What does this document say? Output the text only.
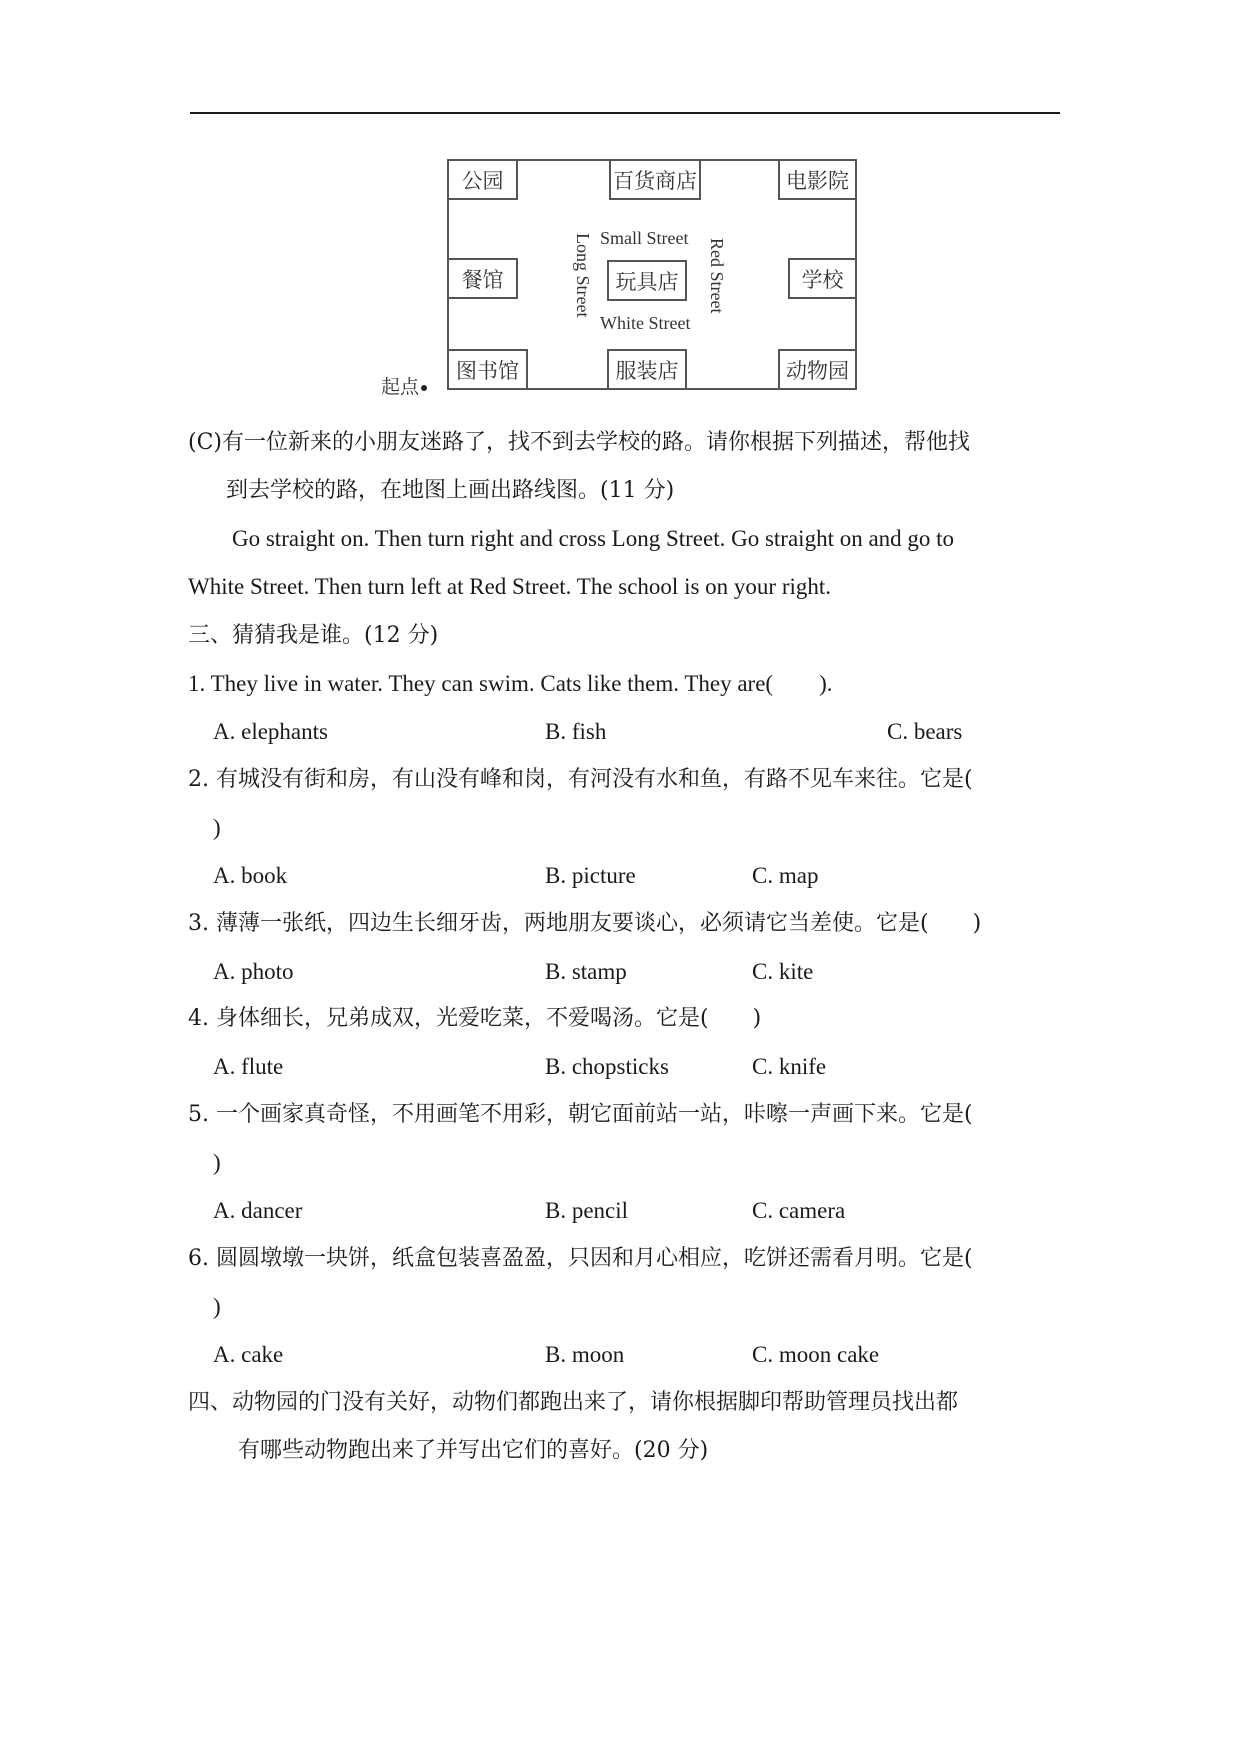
公园	百货商店	电影院
餐馆	玩具店	学校
图书馆	服装店	动物园
Small Street
White Street
Long Street	Red Street
起点
(C)有一位新来的小朋友迷路了，找不到去学校的路。请你根据下列描述，帮他找
到去学校的路，在地图上画出路线图。(11 分)
Go straight on. Then turn right and cross Long Street. Go straight on and go to
White Street. Then turn left at Red Street. The school is on your right.
三、猜猜我是谁。(12 分)
1. They live in water. They can swim. Cats like them. They are(　　).
A. elephants	B. fish	C. bears
2. 有城没有街和房，有山没有峰和岗，有河没有水和鱼，有路不见车来往。它是(
)
A. book	B. picture	C. map
3. 薄薄一张纸，四边生长细牙齿，两地朋友要谈心，必须请它当差使。它是(　　)
A. photo	B. stamp	C. kite
4. 身体细长，兄弟成双，光爱吃菜，不爱喝汤。它是(　　)
A. flute	B. chopsticks	C. knife
5. 一个画家真奇怪，不用画笔不用彩，朝它面前站一站，咔嚓一声画下来。它是(
)
A. dancer	B. pencil	C. camera
6. 圆圆墩墩一块饼，纸盒包装喜盈盈，只因和月心相应，吃饼还需看月明。它是(
)
A. cake	B. moon	C. moon cake
四、动物园的门没有关好，动物们都跑出来了，请你根据脚印帮助管理员找出都
有哪些动物跑出来了并写出它们的喜好。(20 分)
